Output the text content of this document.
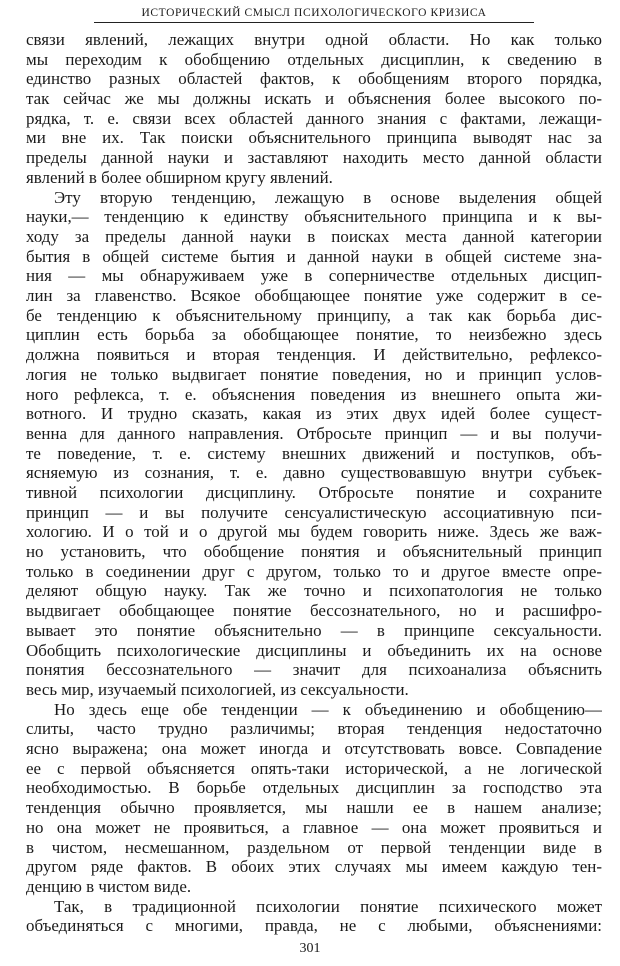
ИСТОРИЧЕСКИЙ СМЫСЛ ПСИХОЛОГИЧЕСКОГО КРИЗИСА
связи явлений, лежащих внутри одной области. Но как только
мы переходим к обобщению отдельных дисциплин, к сведению в
единство разных областей фактов, к обобщениям второго порядка,
так сейчас же мы должны искать и объяснения более высокого по-
рядка, т. е. связи всех областей данного знания с фактами, лежащи-
ми вне их. Так поиски объяснительного принципа выводят нас за
пределы данной науки и заставляют находить место данной области
явлений в более обширном кругу явлений.
Эту вторую тенденцию, лежащую в основе выделения общей
науки,— тенденцию к единству объяснительного принципа и к вы-
ходу за пределы данной науки в поисках места данной категории
бытия в общей системе бытия и данной науки в общей системе зна-
ния — мы обнаруживаем уже в соперничестве отдельных дисцип-
лин за главенство. Всякое обобщающее понятие уже содержит в се-
бе тенденцию к объяснительному принципу, а так как борьба дис-
циплин есть борьба за обобщающее понятие, то неизбежно здесь
должна появиться и вторая тенденция. И действительно, рефлексо-
логия не только выдвигает понятие поведения, но и принцип услов-
ного рефлекса, т. е. объяснения поведения из внешнего опыта жи-
вотного. И трудно сказать, какая из этих двух идей более сущест-
венна для данного направления. Отбросьте принцип — и вы получи-
те поведение, т. е. систему внешних движений и поступков, объ-
ясняемую из сознания, т. е. давно существовавшую внутри субъек-
тивной психологии дисциплину. Отбросьте понятие и сохраните
принцип — и вы получите сенсуалистическую ассоциативную пси-
хологию. И о той и о другой мы будем говорить ниже. Здесь же важ-
но установить, что обобщение понятия и объяснительный принцип
только в соединении друг с другом, только то и другое вместе опре-
деляют общую науку. Так же точно и психопатология не только
выдвигает обобщающее понятие бессознательного, но и расшифро-
вывает это понятие объяснительно — в принципе сексуальности.
Обобщить психологические дисциплины и объединить их на основе
понятия бессознательного — значит для психоанализа объяснить
весь мир, изучаемый психологией, из сексуальности.
Но здесь еще обе тенденции — к объединению и обобщению—
слиты, часто трудно различимы; вторая тенденция недостаточно
ясно выражена; она может иногда и отсутствовать вовсе. Совпадение
ее с первой объясняется опять-таки исторической, а не логической
необходимостью. В борьбе отдельных дисциплин за господство эта
тенденция обычно проявляется, мы нашли ее в нашем анализе;
но она может не проявиться, а главное — она может проявиться и
в чистом, несмешанном, раздельном от первой тенденции виде в
другом ряде фактов. В обоих этих случаях мы имеем каждую тен-
денцию в чистом виде.
Так, в традиционной психологии понятие психического может
объединяться с многими, правда, не с любыми, объяснениями:
301
